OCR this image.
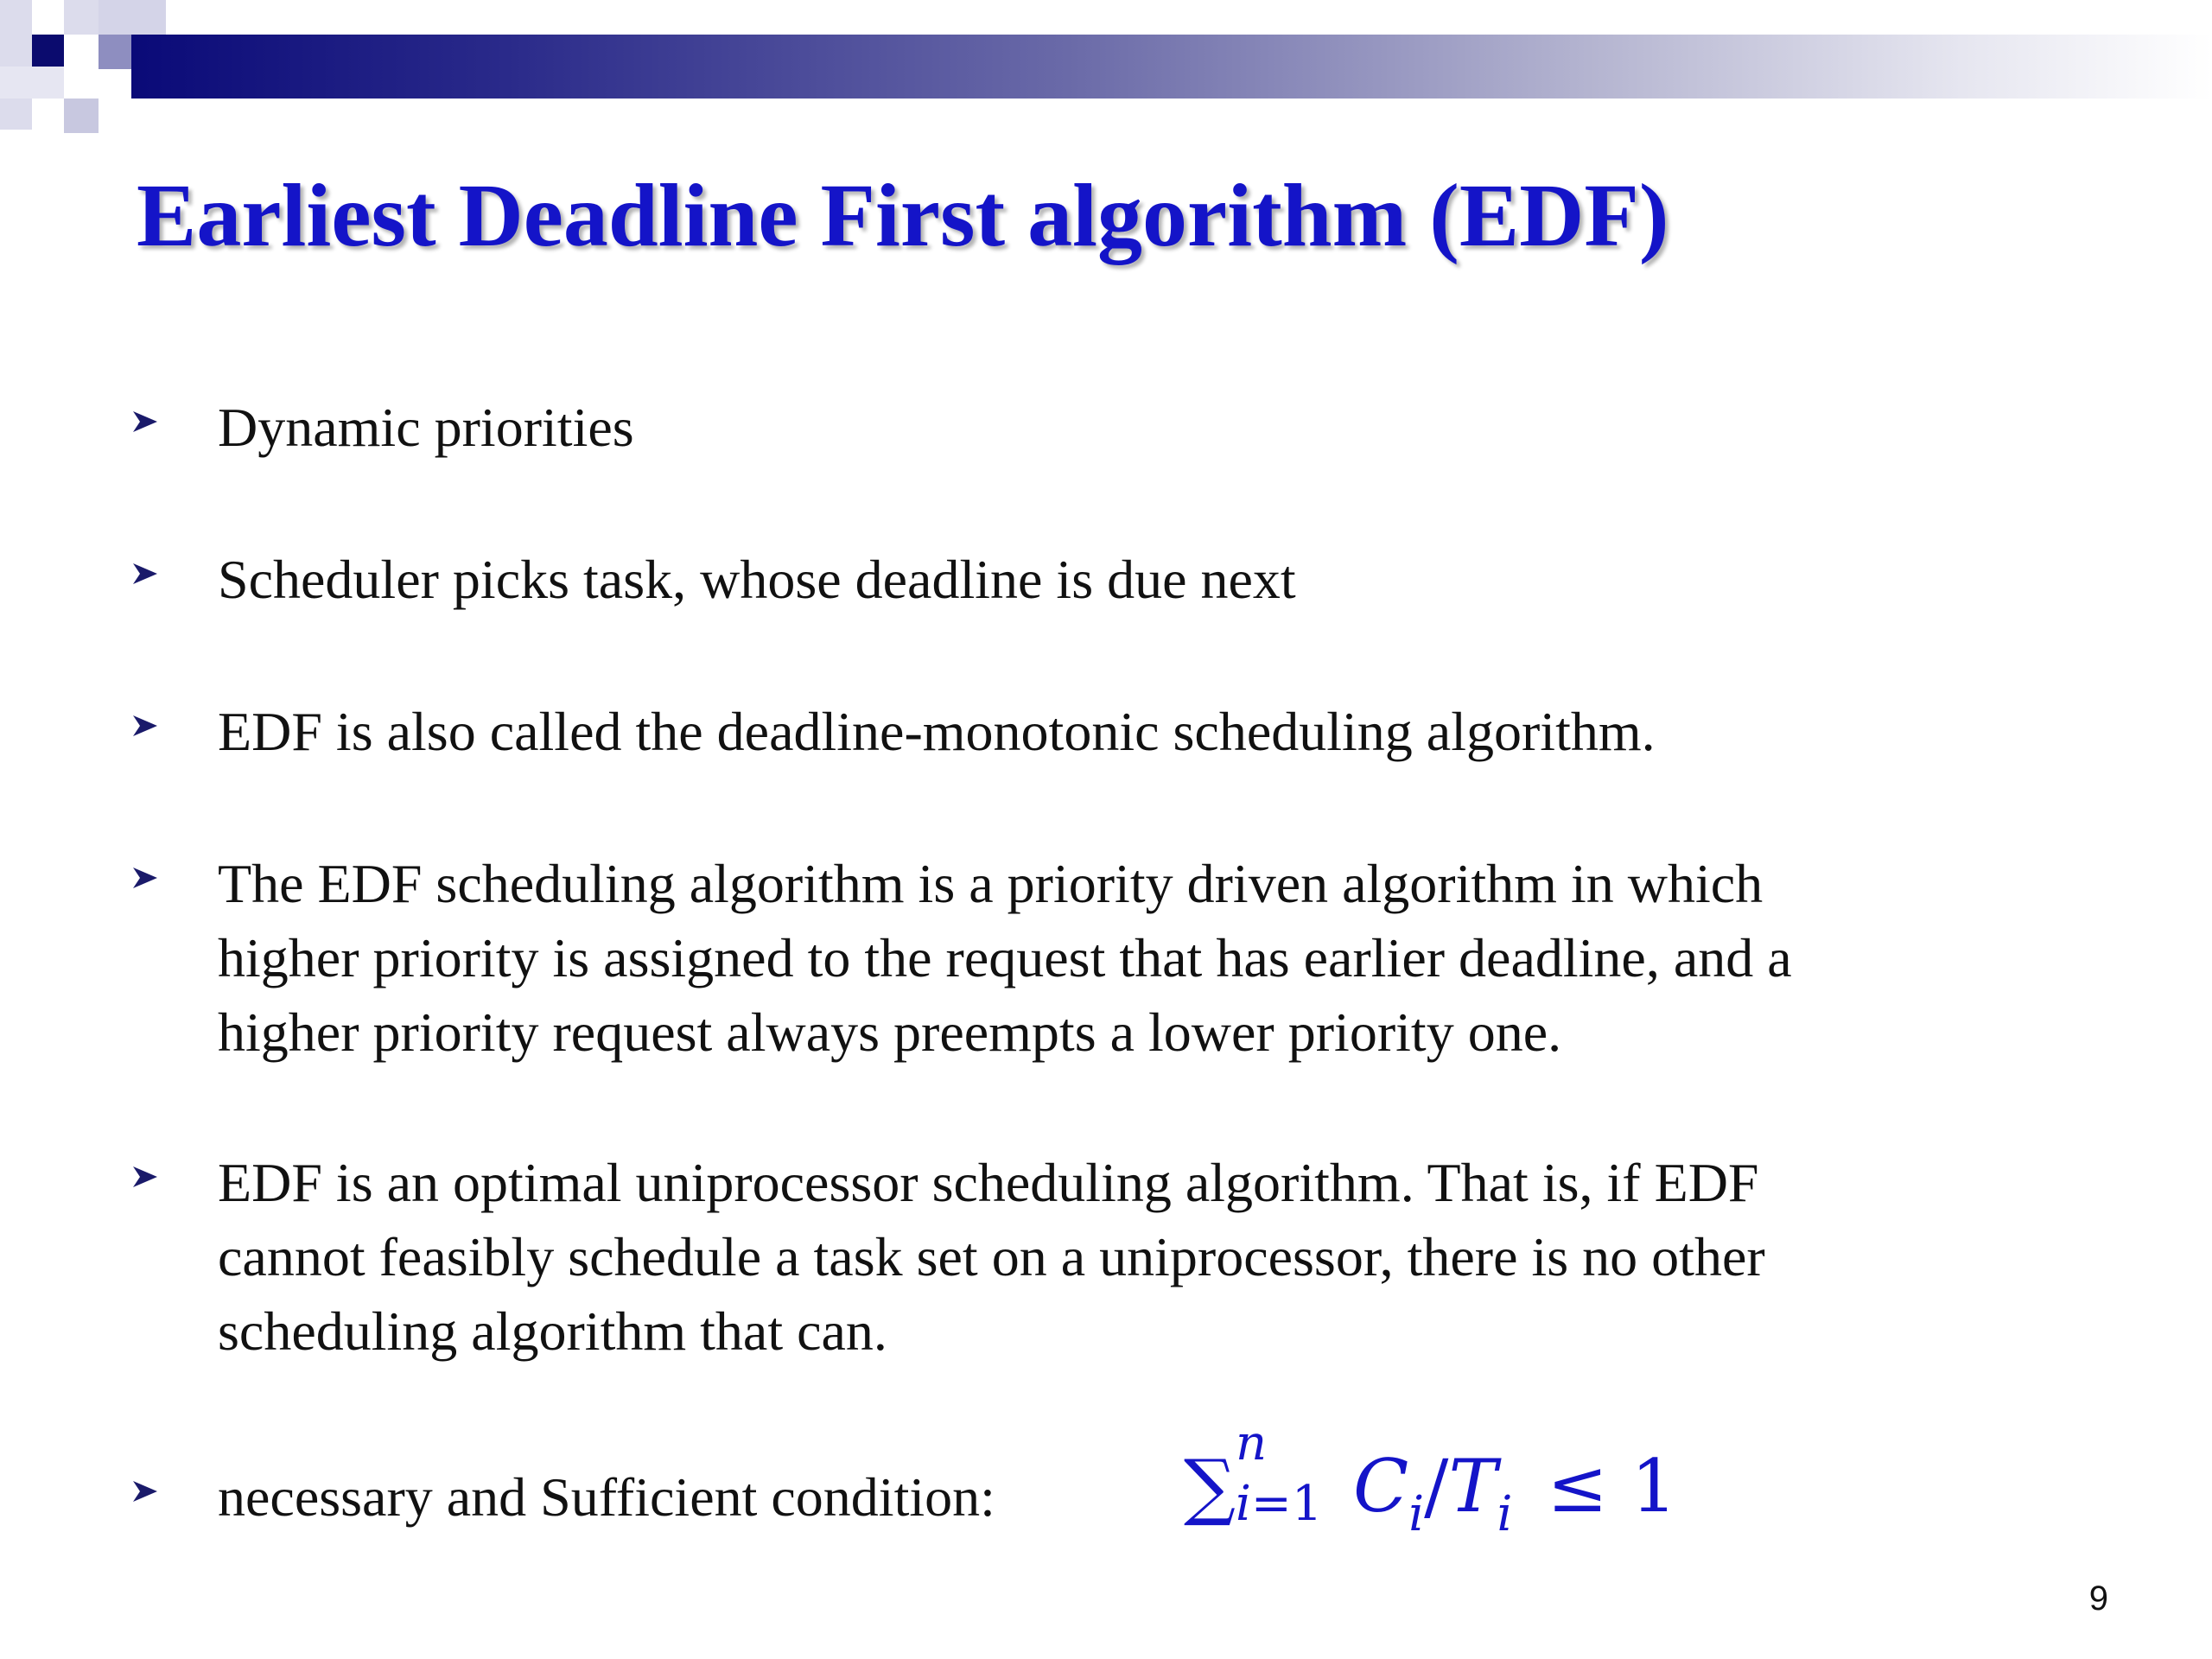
Earliest Deadline First algorithm (EDF)
Dynamic priorities
Scheduler picks task, whose deadline is due next
EDF is also called the deadline-monotonic scheduling algorithm.
The EDF scheduling algorithm is a priority driven algorithm in which
higher priority is assigned to the request that has earlier deadline, and a
higher priority request always preempts a lower priority one.
EDF is an optimal uniprocessor scheduling algorithm. That is, if EDF
cannot feasibly schedule a task set on a uniprocessor, there is no other
scheduling algorithm that can.
necessary and Sufficient condition:	∑
n
i=1 $C_i/T_i \le 1$
9
